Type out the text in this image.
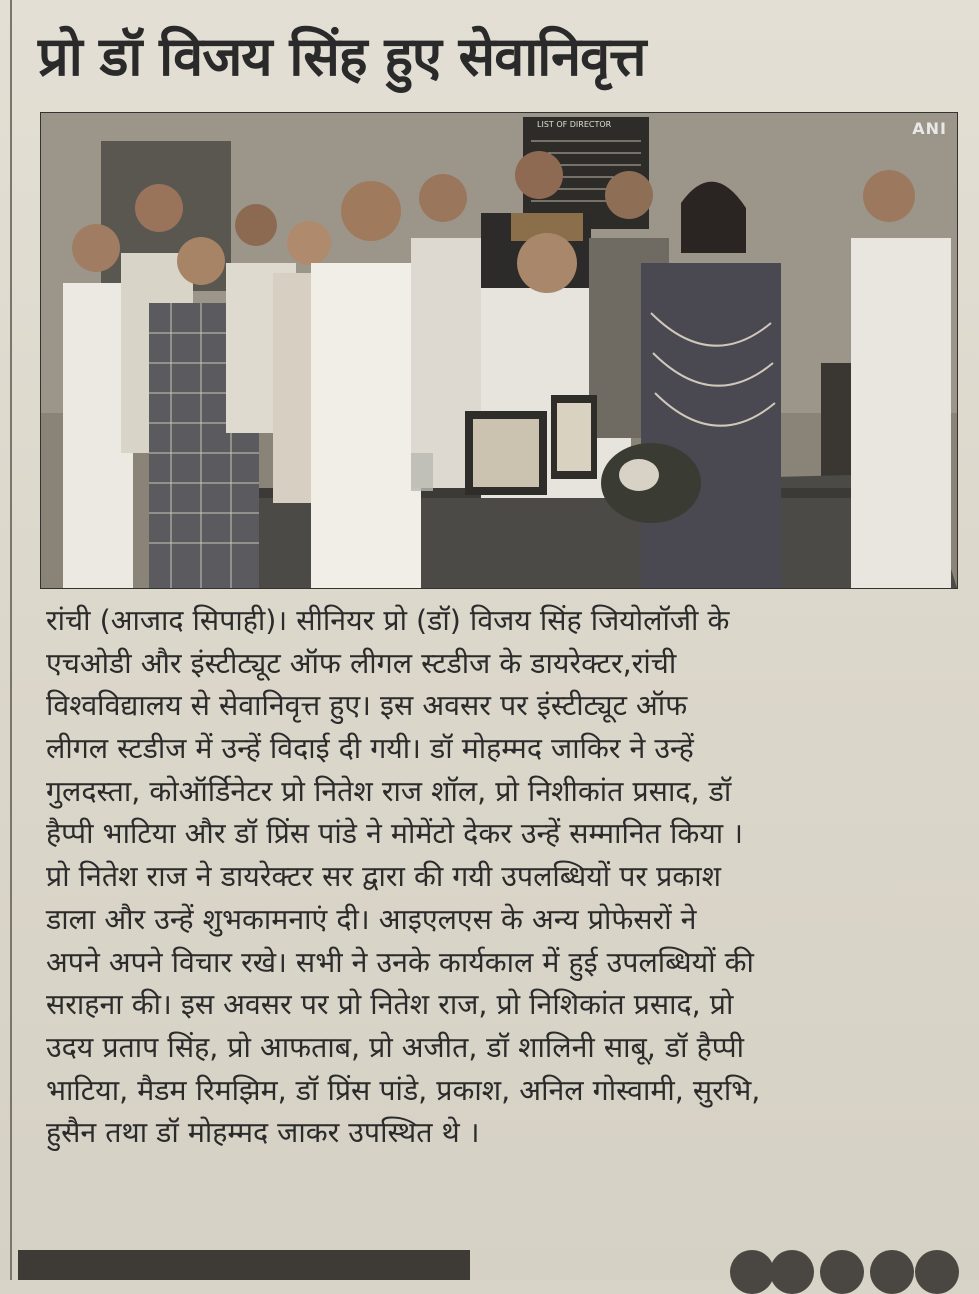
प्रो डॉ विजय सिंह हुए सेवानिवृत्त
LIST OF DIRECTOR	ANI
रांची (आजाद सिपाही)। सीनियर प्रो (डॉ) विजय सिंह जियोलॉजी के
एचओडी और इंस्टीट्यूट ऑफ लीगल स्टडीज के डायरेक्टर,रांची
विश्वविद्यालय से सेवानिवृत्त हुए। इस अवसर पर इंस्टीट्यूट ऑफ
लीगल स्टडीज में उन्हें विदाई दी गयी। डॉ मोहम्मद जाकिर ने उन्हें
गुलदस्ता, कोऑर्डिनेटर प्रो नितेश राज शॉल, प्रो निशीकांत प्रसाद, डॉ
हैप्पी भाटिया और डॉ प्रिंस पांडे ने मोमेंटो देकर उन्हें सम्मानित किया ।
प्रो नितेश राज ने डायरेक्टर सर द्वारा की गयी उपलब्धियों पर प्रकाश
डाला और उन्हें शुभकामनाएं दी। आइएलएस के अन्य प्रोफेसरों ने
अपने अपने विचार रखे। सभी ने उनके कार्यकाल में हुई उपलब्धियों की
सराहना की। इस अवसर पर प्रो नितेश राज, प्रो निशिकांत प्रसाद, प्रो
उदय प्रताप सिंह, प्रो आफताब, प्रो अजीत, डॉ शालिनी साबू, डॉ हैप्पी
भाटिया, मैडम रिमझिम, डॉ प्रिंस पांडे, प्रकाश, अनिल गोस्वामी, सुरभि,
हुसैन तथा डॉ मोहम्मद जाकर उपस्थित थे ।
